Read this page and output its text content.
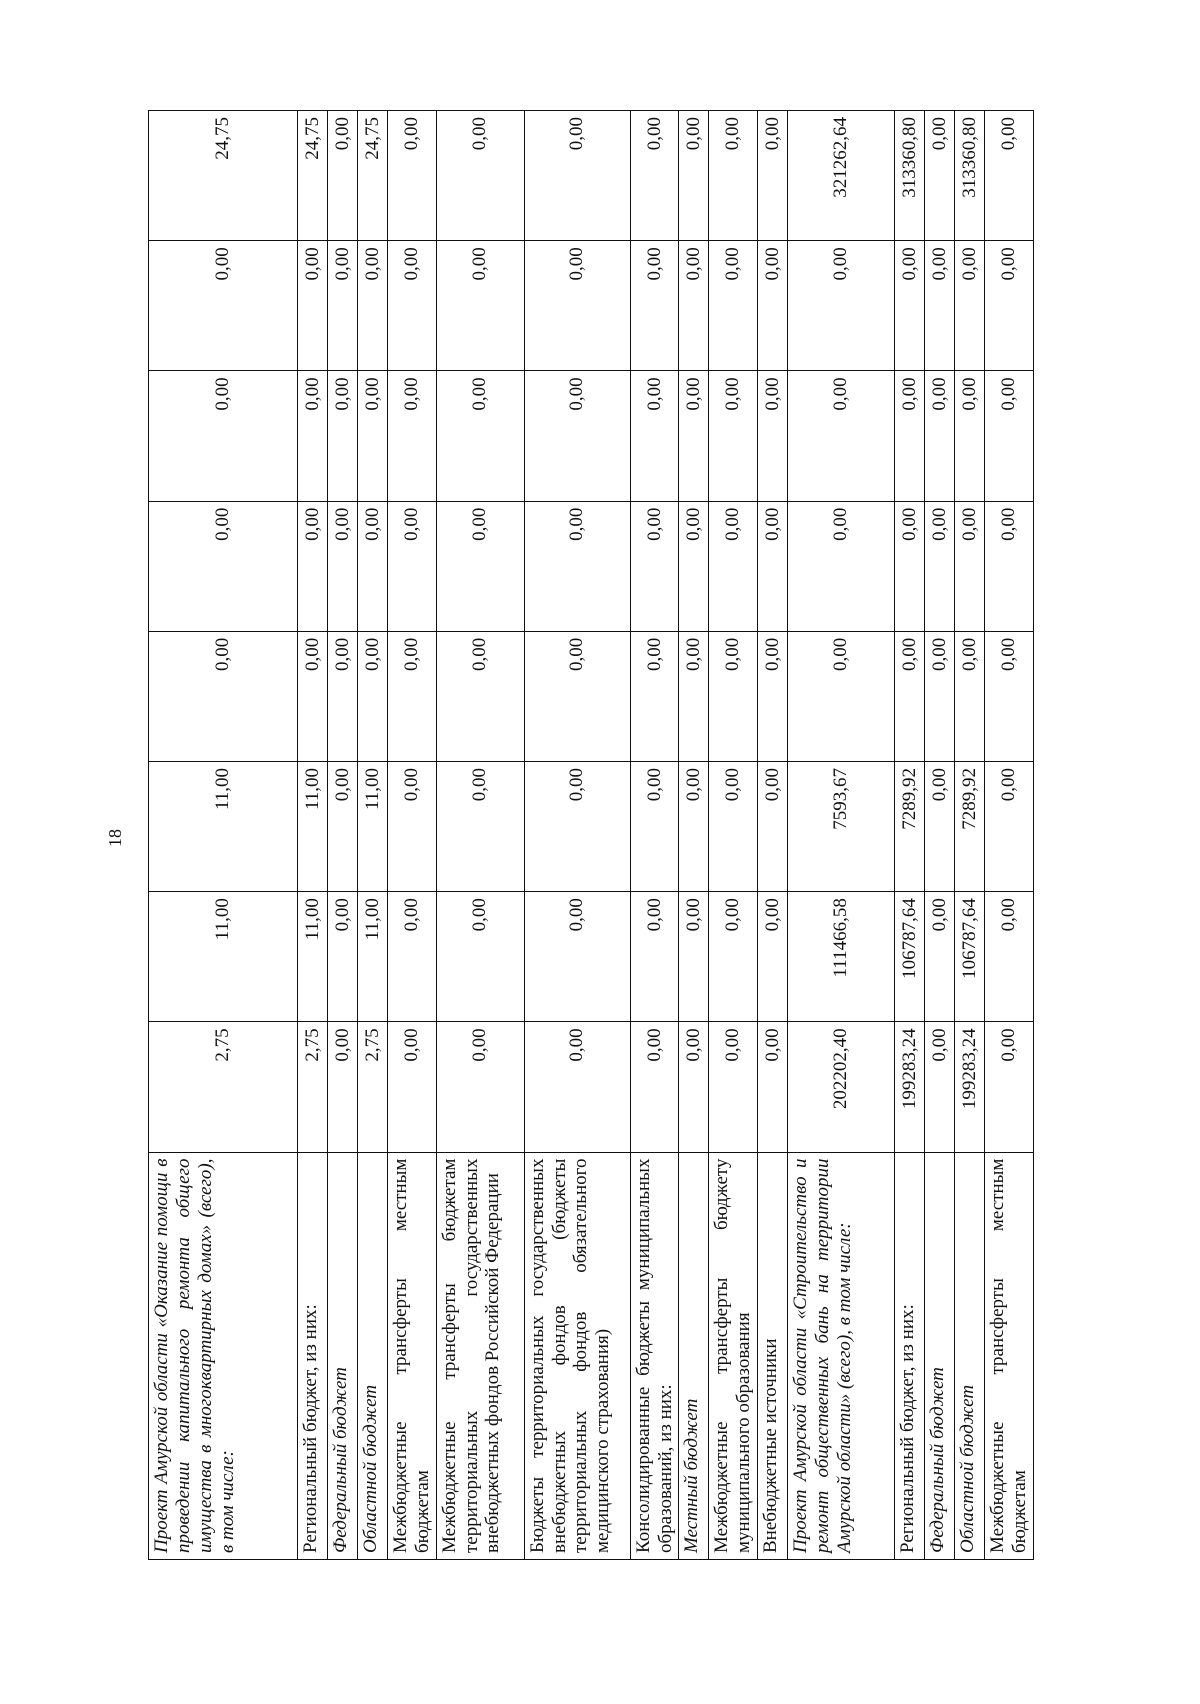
18
Проект Амурской области «Оказание помощи в проведении капитального ремонта общего имущества в многоквартирных домах» (всего), в том числе:	2,75	11,00	11,00	0,00	0,00	0,00	0,00	24,75
Региональный бюджет, из них:	2,75	11,00	11,00	0,00	0,00	0,00	0,00	24,75
Федеральный бюджет	0,00	0,00	0,00	0,00	0,00	0,00	0,00	0,00
Областной бюджет	2,75	11,00	11,00	0,00	0,00	0,00	0,00	24,75
Межбюджетные трансферты местным бюджетам	0,00	0,00	0,00	0,00	0,00	0,00	0,00	0,00
Межбюджетные трансферты бюджетам территориальных государственных внебюджетных фондов Российской Федерации	0,00	0,00	0,00	0,00	0,00	0,00	0,00	0,00
Бюджеты территориальных государственных внебюджетных фондов (бюджеты территориальных фондов обязательного медицинского страхования)	0,00	0,00	0,00	0,00	0,00	0,00	0,00	0,00
Консолидированные бюджеты муниципальных образований, из них:	0,00	0,00	0,00	0,00	0,00	0,00	0,00	0,00
Местный бюджет	0,00	0,00	0,00	0,00	0,00	0,00	0,00	0,00
Межбюджетные трансферты бюджету муниципального образования	0,00	0,00	0,00	0,00	0,00	0,00	0,00	0,00
Внебюджетные источники	0,00	0,00	0,00	0,00	0,00	0,00	0,00	0,00
Проект Амурской области «Строительство и ремонт общественных бань на территории Амурской области» (всего), в том числе:	202202,40	111466,58	7593,67	0,00	0,00	0,00	0,00	321262,64
Региональный бюджет, из них:	199283,24	106787,64	7289,92	0,00	0,00	0,00	0,00	313360,80
Федеральный бюджет	0,00	0,00	0,00	0,00	0,00	0,00	0,00	0,00
Областной бюджет	199283,24	106787,64	7289,92	0,00	0,00	0,00	0,00	313360,80
Межбюджетные трансферты местным бюджетам	0,00	0,00	0,00	0,00	0,00	0,00	0,00	0,00
